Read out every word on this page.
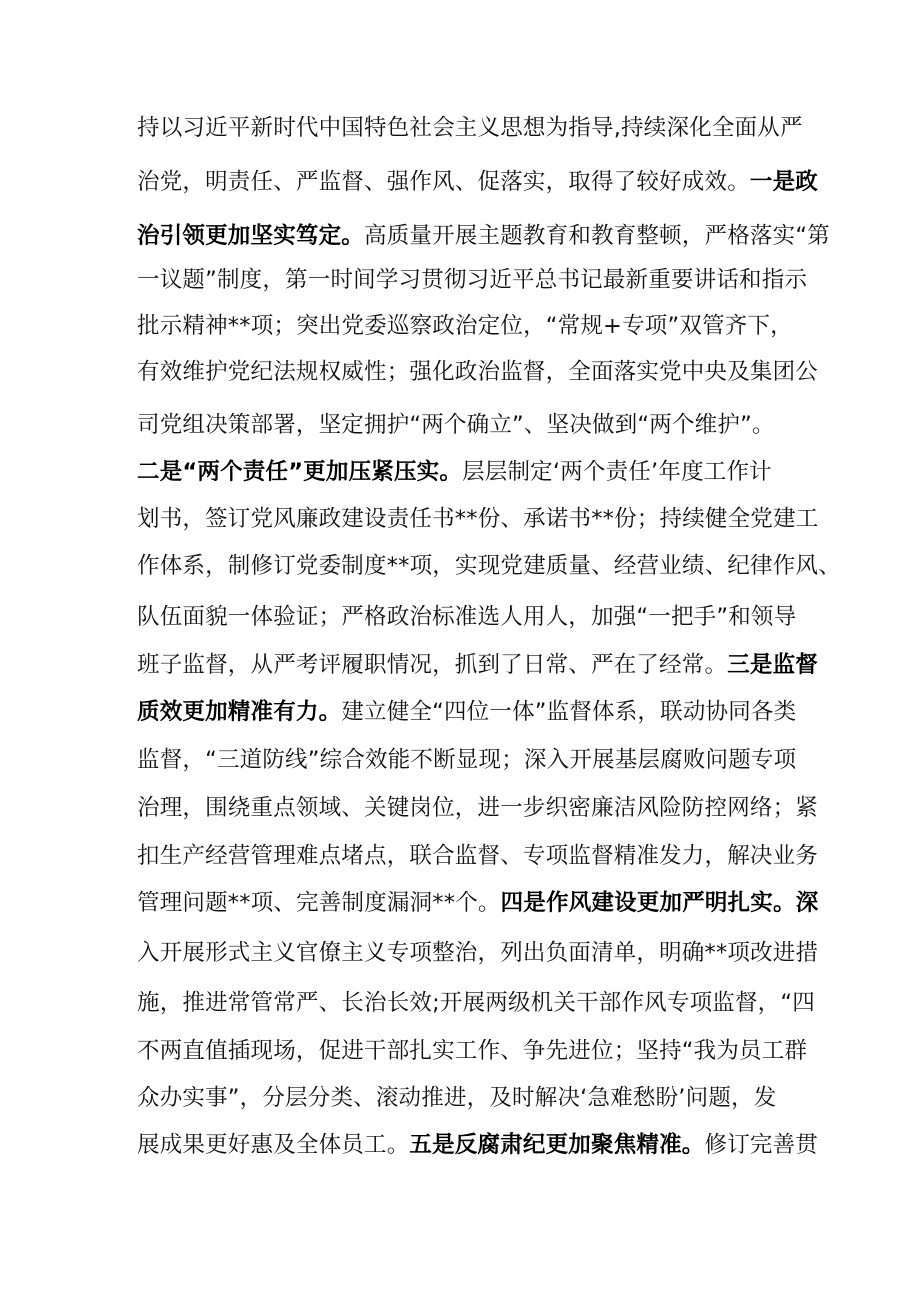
持以习近平新时代中国特色社会主义思想为指导,持续深化全面从严
治党，明责任、严监督、强作风、促落实，取得了较好成效。一是政
治引领更加坚实笃定。高质量开展主题教育和教育整顿，严格落实“第
一议题”制度，第一时间学习贯彻习近平总书记最新重要讲话和指示
批示精神**项；突出党委巡察政治定位，“常规+专项”双管齐下，
有效维护党纪法规权威性；强化政治监督，全面落实党中央及集团公
司党组决策部署，坚定拥护“两个确立”、坚决做到“两个维护”。
二是“两个责任”更加压紧压实。层层制定‘两个责任’年度工作计
划书，签订党风廉政建设责任书**份、承诺书**份；持续健全党建工
作体系，制修订党委制度**项，实现党建质量、经营业绩、纪律作风、
队伍面貌一体验证；严格政治标准选人用人，加强“一把手”和领导
班子监督，从严考评履职情况，抓到了日常、严在了经常。三是监督
质效更加精准有力。建立健全“四位一体”监督体系，联动协同各类
监督，“三道防线”综合效能不断显现；深入开展基层腐败问题专项
治理，围绕重点领域、关键岗位，进一步织密廉洁风险防控网络；紧
扣生产经营管理难点堵点，联合监督、专项监督精准发力，解决业务
管理问题**项、完善制度漏洞**个。四是作风建设更加严明扎实。深
入开展形式主义官僚主义专项整治，列出负面清单，明确**项改进措
施，推进常管常严、长治长效;开展两级机关干部作风专项监督，“四
不两直值插现场，促进干部扎实工作、争先进位；坚持“我为员工群
众办实事”，分层分类、滚动推进，及时解决‘急难愁盼’问题，发
展成果更好惠及全体员工。五是反腐肃纪更加聚焦精准。修订完善贯
